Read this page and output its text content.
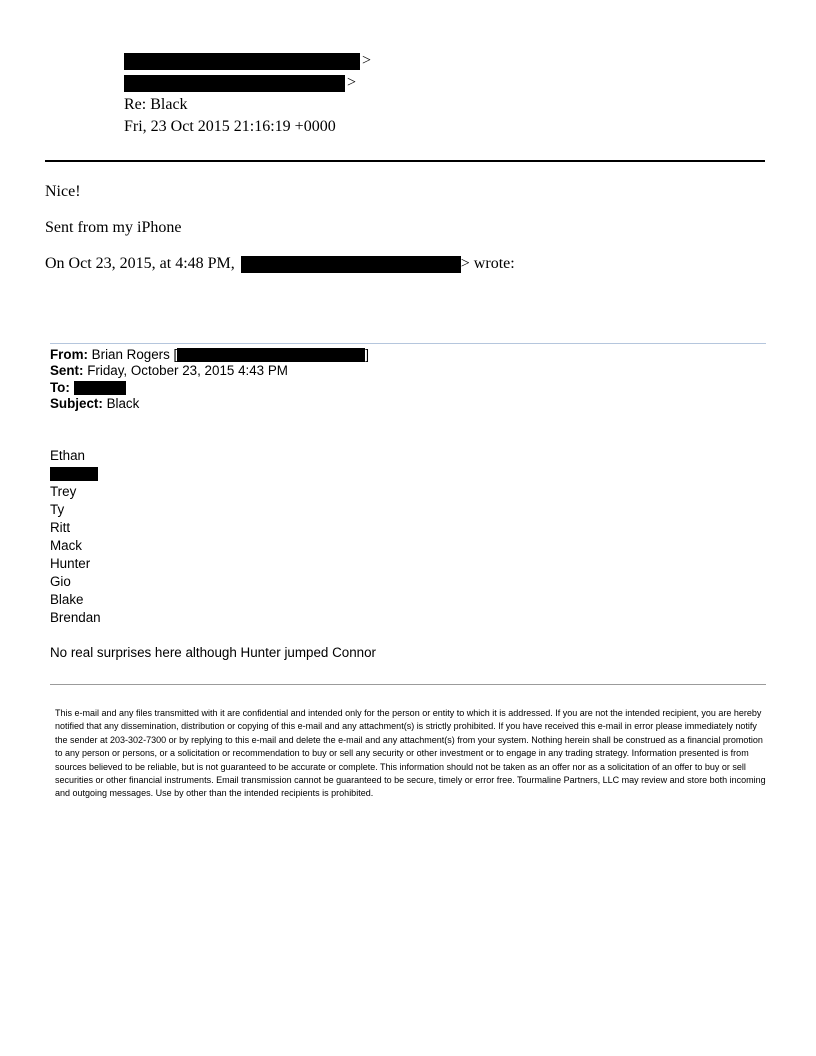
>
>
Re: Black
Fri, 23 Oct 2015 21:16:19 +0000
Nice!
Sent from my iPhone
On Oct 23, 2015, at 4:48 PM,	> wrote:
From: Brian Rogers [	]
Sent: Friday, October 23, 2015 4:43 PM
To:
Subject: Black
Ethan
Trey
Ty
Ritt
Mack
Hunter
Gio
Blake
Brendan
No real surprises here although Hunter jumped Connor
This e-mail and any files transmitted with it are confidential and intended only for the person or entity to which it is addressed. If you are not the intended recipient, you are hereby notified that any dissemination, distribution or copying of this e-mail and any attachment(s) is strictly prohibited. If you have received this e-mail in error please immediately notify the sender at 203-302-7300 or by replying to this e-mail and delete the e-mail and any attachment(s) from your system. Nothing herein shall be construed as a financial promotion to any person or persons, or a solicitation or recommendation to buy or sell any security or other investment or to engage in any trading strategy. Information presented is from sources believed to be reliable, but is not guaranteed to be accurate or complete. This information should not be taken as an offer nor as a solicitation of an offer to buy or sell securities or other financial instruments. Email transmission cannot be guaranteed to be secure, timely or error free. Tourmaline Partners, LLC may review and store both incoming and outgoing messages. Use by other than the intended recipients is prohibited.
